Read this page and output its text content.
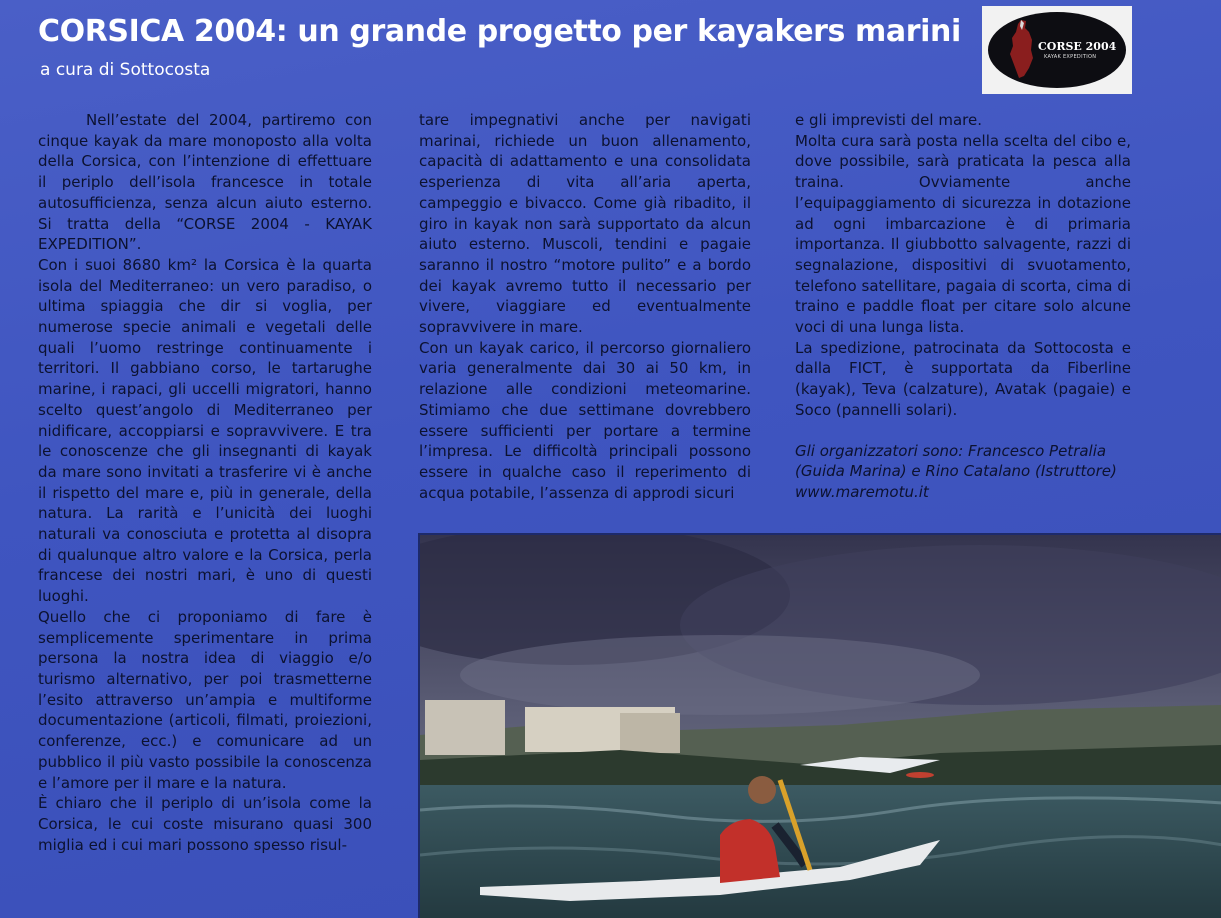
CORSICA 2004: un grande progetto per kayakers marini
a cura di Sottocosta
CORSE 2004
KAYAK EXPEDITION

Nell’estate del 2004, partiremo con cinque kayak da mare monoposto alla volta della Corsica, con l’intenzione di effettuare il periplo dell’isola francesce in totale autosufficienza, senza alcun aiuto esterno. Si tratta della “CORSE 2004 - KAYAK EXPEDITION”.

Con i suoi 8680 km² la Corsica è la quarta isola del Mediterraneo: un vero paradiso, o ultima spiaggia che dir si voglia, per numerose specie animali e vegetali delle quali l’uomo restringe continuamente i territori. Il gabbiano corso, le tartarughe marine, i rapaci, gli uccelli migratori, hanno scelto quest’angolo di Mediterraneo per nidificare, accoppiarsi e sopravvivere. E tra le conoscenze che gli insegnanti di kayak da mare sono invitati a trasferire vi è anche il rispetto del mare e, più in generale, della natura. La rarità e l’unicità dei luoghi naturali va conosciuta e protetta al disopra di qualunque altro valore e la Corsica, perla francese dei nostri mari, è uno di questi luoghi.

Quello che ci proponiamo di fare è semplicemente sperimentare in prima persona la nostra idea di viaggio e/o turismo alternativo, per poi trasmetterne l’esito attraverso un’ampia e multiforme documentazione (articoli, filmati, proiezioni, conferenze, ecc.) e comunicare ad un pubblico il più vasto possibile la conoscenza e l’amore per il mare e la natura.

È chiaro che il periplo di un’isola come la Corsica, le cui coste misurano quasi 300 miglia ed i cui mari possono spesso risul-

tare impegnativi anche per navigati marinai, richiede un buon allenamento, capacità di adattamento e una consolidata esperienza di vita all’aria aperta, campeggio e bivacco. Come già ribadito, il giro in kayak non sarà supportato da alcun aiuto esterno. Muscoli, tendini e pagaie saranno il nostro “motore pulito” e a bordo dei kayak avremo tutto il necessario per vivere, viaggiare ed eventualmente sopravvivere in mare.

Con un kayak carico, il percorso giornaliero varia generalmente dai 30 ai 50 km, in relazione alle condizioni meteomarine. Stimiamo che due settimane dovrebbero essere sufficienti per portare a termine l’impresa. Le difficoltà principali possono essere in qualche caso il reperimento di acqua potabile, l’assenza di approdi sicuri

e gli imprevisti del mare.

Molta cura sarà posta nella scelta del cibo e, dove possibile, sarà praticata la pesca alla traina. Ovviamente anche l’equipaggiamento di sicurezza in dotazione ad ogni imbarcazione è di primaria importanza. Il giubbotto salvagente, razzi di segnalazione, dispositivi di svuotamento, telefono satellitare, pagaia di scorta, cima di traino e paddle float per citare solo alcune voci di una lunga lista.

La spedizione, patrocinata da Sottocosta e dalla FICT, è supportata da Fiberline (kayak), Teva (calzature), Avatak (pagaie) e Soco (pannelli solari).

Gli organizzatori sono: Francesco Petralia (Guida Marina) e Rino Catalano (Istruttore) www.maremotu.it
